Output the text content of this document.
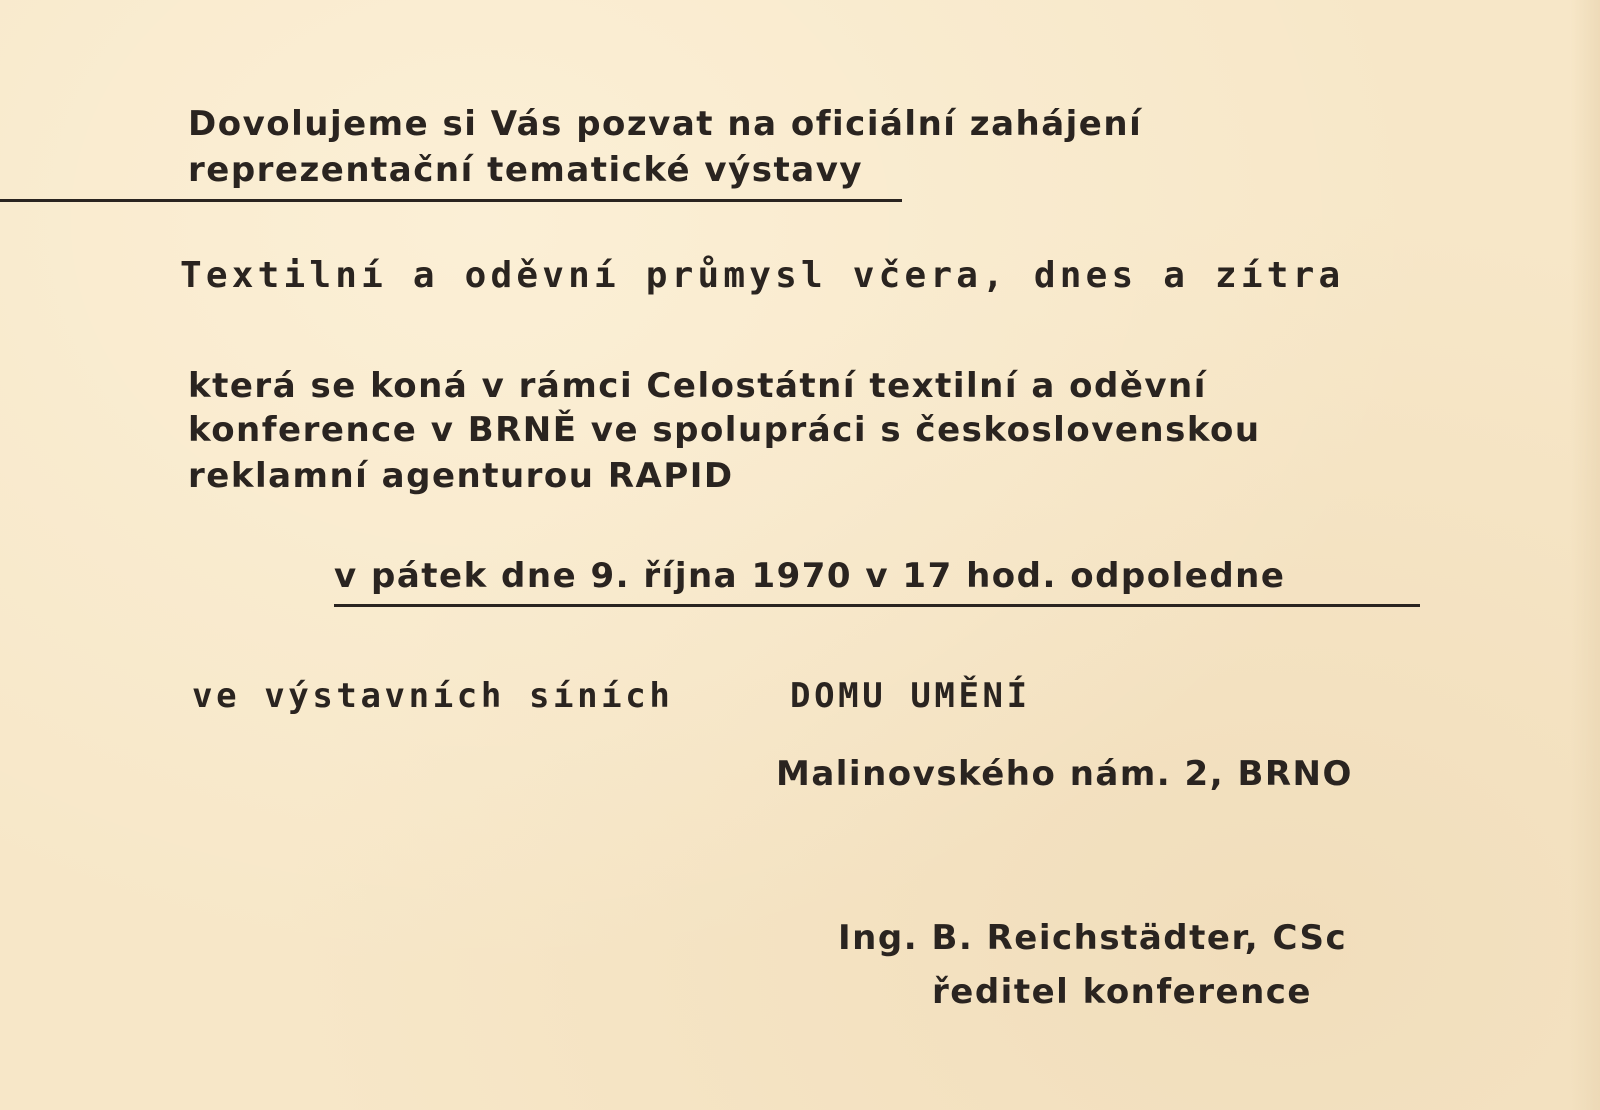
Dovolujeme si Vás pozvat na oficiální zahájení
reprezentační tematické výstavy
Textilní a oděvní průmysl včera, dnes a zítra
která se koná v rámci Celostátní textilní a oděvní
konference v BRNĚ ve spolupráci s československou
reklamní agenturou RAPID
v pátek dne 9. října 1970 v 17 hod. odpoledne
ve výstavních síních	DOMU UMĚNÍ
Malinovského nám. 2, BRNO
Ing. B. Reichstädter, CSc
ředitel konference
